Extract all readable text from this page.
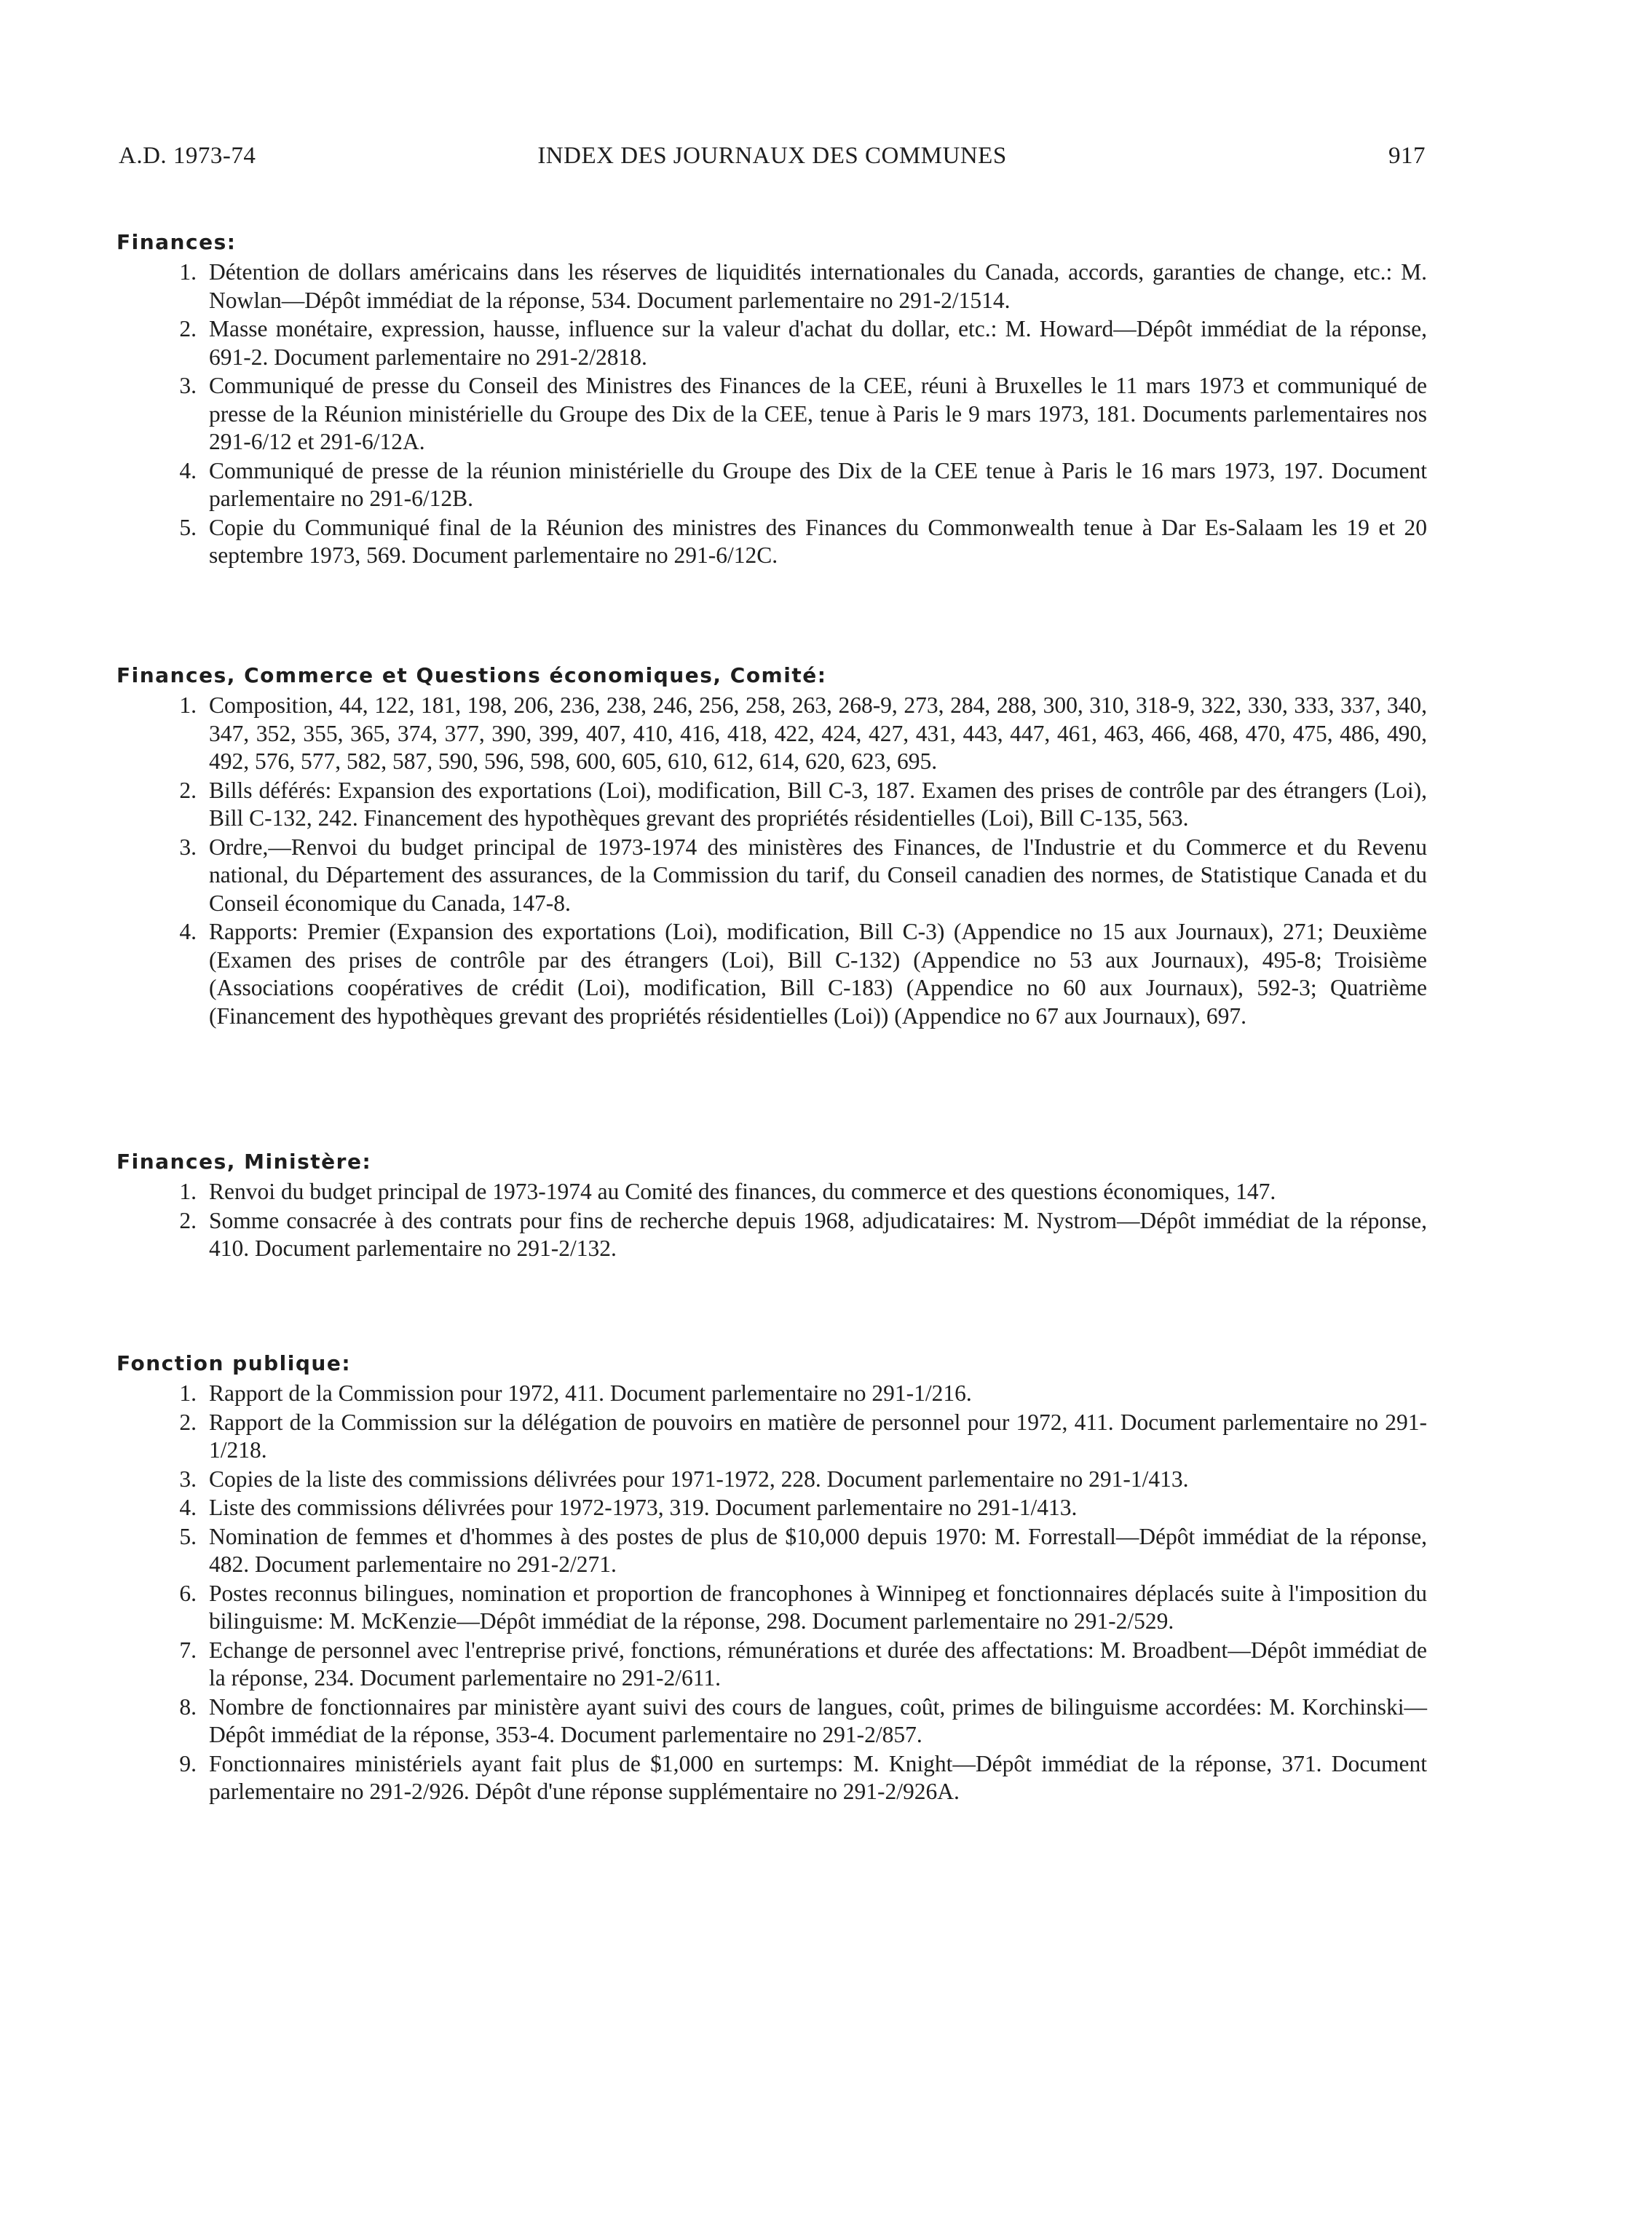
A.D. 1973-74	INDEX DES JOURNAUX DES COMMUNES	917
Finances:
1. Détention de dollars américains dans les réserves de liquidités internationales du Canada, accords, garanties de change, etc.: M. Nowlan—Dépôt immédiat de la réponse, 534. Document parlementaire no 291-2/1514.
2. Masse monétaire, expression, hausse, influence sur la valeur d'achat du dollar, etc.: M. Howard—Dépôt immédiat de la réponse, 691-2. Document parlementaire no 291-2/2818.
3. Communiqué de presse du Conseil des Ministres des Finances de la CEE, réuni à Bruxelles le 11 mars 1973 et communiqué de presse de la Réunion ministérielle du Groupe des Dix de la CEE, tenue à Paris le 9 mars 1973, 181. Documents parlementaires nos 291-6/12 et 291-6/12A.
4. Communiqué de presse de la réunion ministérielle du Groupe des Dix de la CEE tenue à Paris le 16 mars 1973, 197. Document parlementaire no 291-6/12B.
5. Copie du Communiqué final de la Réunion des ministres des Finances du Commonwealth tenue à Dar Es-Salaam les 19 et 20 septembre 1973, 569. Document parlementaire no 291-6/12C.
Finances, Commerce et Questions économiques, Comité:
1. Composition, 44, 122, 181, 198, 206, 236, 238, 246, 256, 258, 263, 268-9, 273, 284, 288, 300, 310, 318-9, 322, 330, 333, 337, 340, 347, 352, 355, 365, 374, 377, 390, 399, 407, 410, 416, 418, 422, 424, 427, 431, 443, 447, 461, 463, 466, 468, 470, 475, 486, 490, 492, 576, 577, 582, 587, 590, 596, 598, 600, 605, 610, 612, 614, 620, 623, 695.
2. Bills déférés: Expansion des exportations (Loi), modification, Bill C-3, 187. Examen des prises de contrôle par des étrangers (Loi), Bill C-132, 242. Financement des hypothèques grevant des propriétés résidentielles (Loi), Bill C-135, 563.
3. Ordre,—Renvoi du budget principal de 1973-1974 des ministères des Finances, de l'Industrie et du Commerce et du Revenu national, du Département des assurances, de la Commission du tarif, du Conseil canadien des normes, de Statistique Canada et du Conseil économique du Canada, 147-8.
4. Rapports: Premier (Expansion des exportations (Loi), modification, Bill C-3) (Appendice no 15 aux Journaux), 271; Deuxième (Examen des prises de contrôle par des étrangers (Loi), Bill C-132) (Appendice no 53 aux Journaux), 495-8; Troisième (Associations coopératives de crédit (Loi), modification, Bill C-183) (Appendice no 60 aux Journaux), 592-3; Quatrième (Financement des hypothèques grevant des propriétés résidentielles (Loi)) (Appendice no 67 aux Journaux), 697.
Finances, Ministère:
1. Renvoi du budget principal de 1973-1974 au Comité des finances, du commerce et des questions économiques, 147.
2. Somme consacrée à des contrats pour fins de recherche depuis 1968, adjudicataires: M. Nystrom—Dépôt immédiat de la réponse, 410. Document parlementaire no 291-2/132.
Fonction publique:
1. Rapport de la Commission pour 1972, 411. Document parlementaire no 291-1/216.
2. Rapport de la Commission sur la délégation de pouvoirs en matière de personnel pour 1972, 411. Document parlementaire no 291-1/218.
3. Copies de la liste des commissions délivrées pour 1971-1972, 228. Document parlementaire no 291-1/413.
4. Liste des commissions délivrées pour 1972-1973, 319. Document parlementaire no 291-1/413.
5. Nomination de femmes et d'hommes à des postes de plus de $10,000 depuis 1970: M. Forrestall—Dépôt immédiat de la réponse, 482. Document parlementaire no 291-2/271.
6. Postes reconnus bilingues, nomination et proportion de francophones à Winnipeg et fonctionnaires déplacés suite à l'imposition du bilinguisme: M. McKenzie—Dépôt immédiat de la réponse, 298. Document parlementaire no 291-2/529.
7. Echange de personnel avec l'entreprise privé, fonctions, rémunérations et durée des affectations: M. Broadbent—Dépôt immédiat de la réponse, 234. Document parlementaire no 291-2/611.
8. Nombre de fonctionnaires par ministère ayant suivi des cours de langues, coût, primes de bilinguisme accordées: M. Korchinski—Dépôt immédiat de la réponse, 353-4. Document parlementaire no 291-2/857.
9. Fonctionnaires ministériels ayant fait plus de $1,000 en surtemps: M. Knight—Dépôt immédiat de la réponse, 371. Document parlementaire no 291-2/926. Dépôt d'une réponse supplémentaire no 291-2/926A.
